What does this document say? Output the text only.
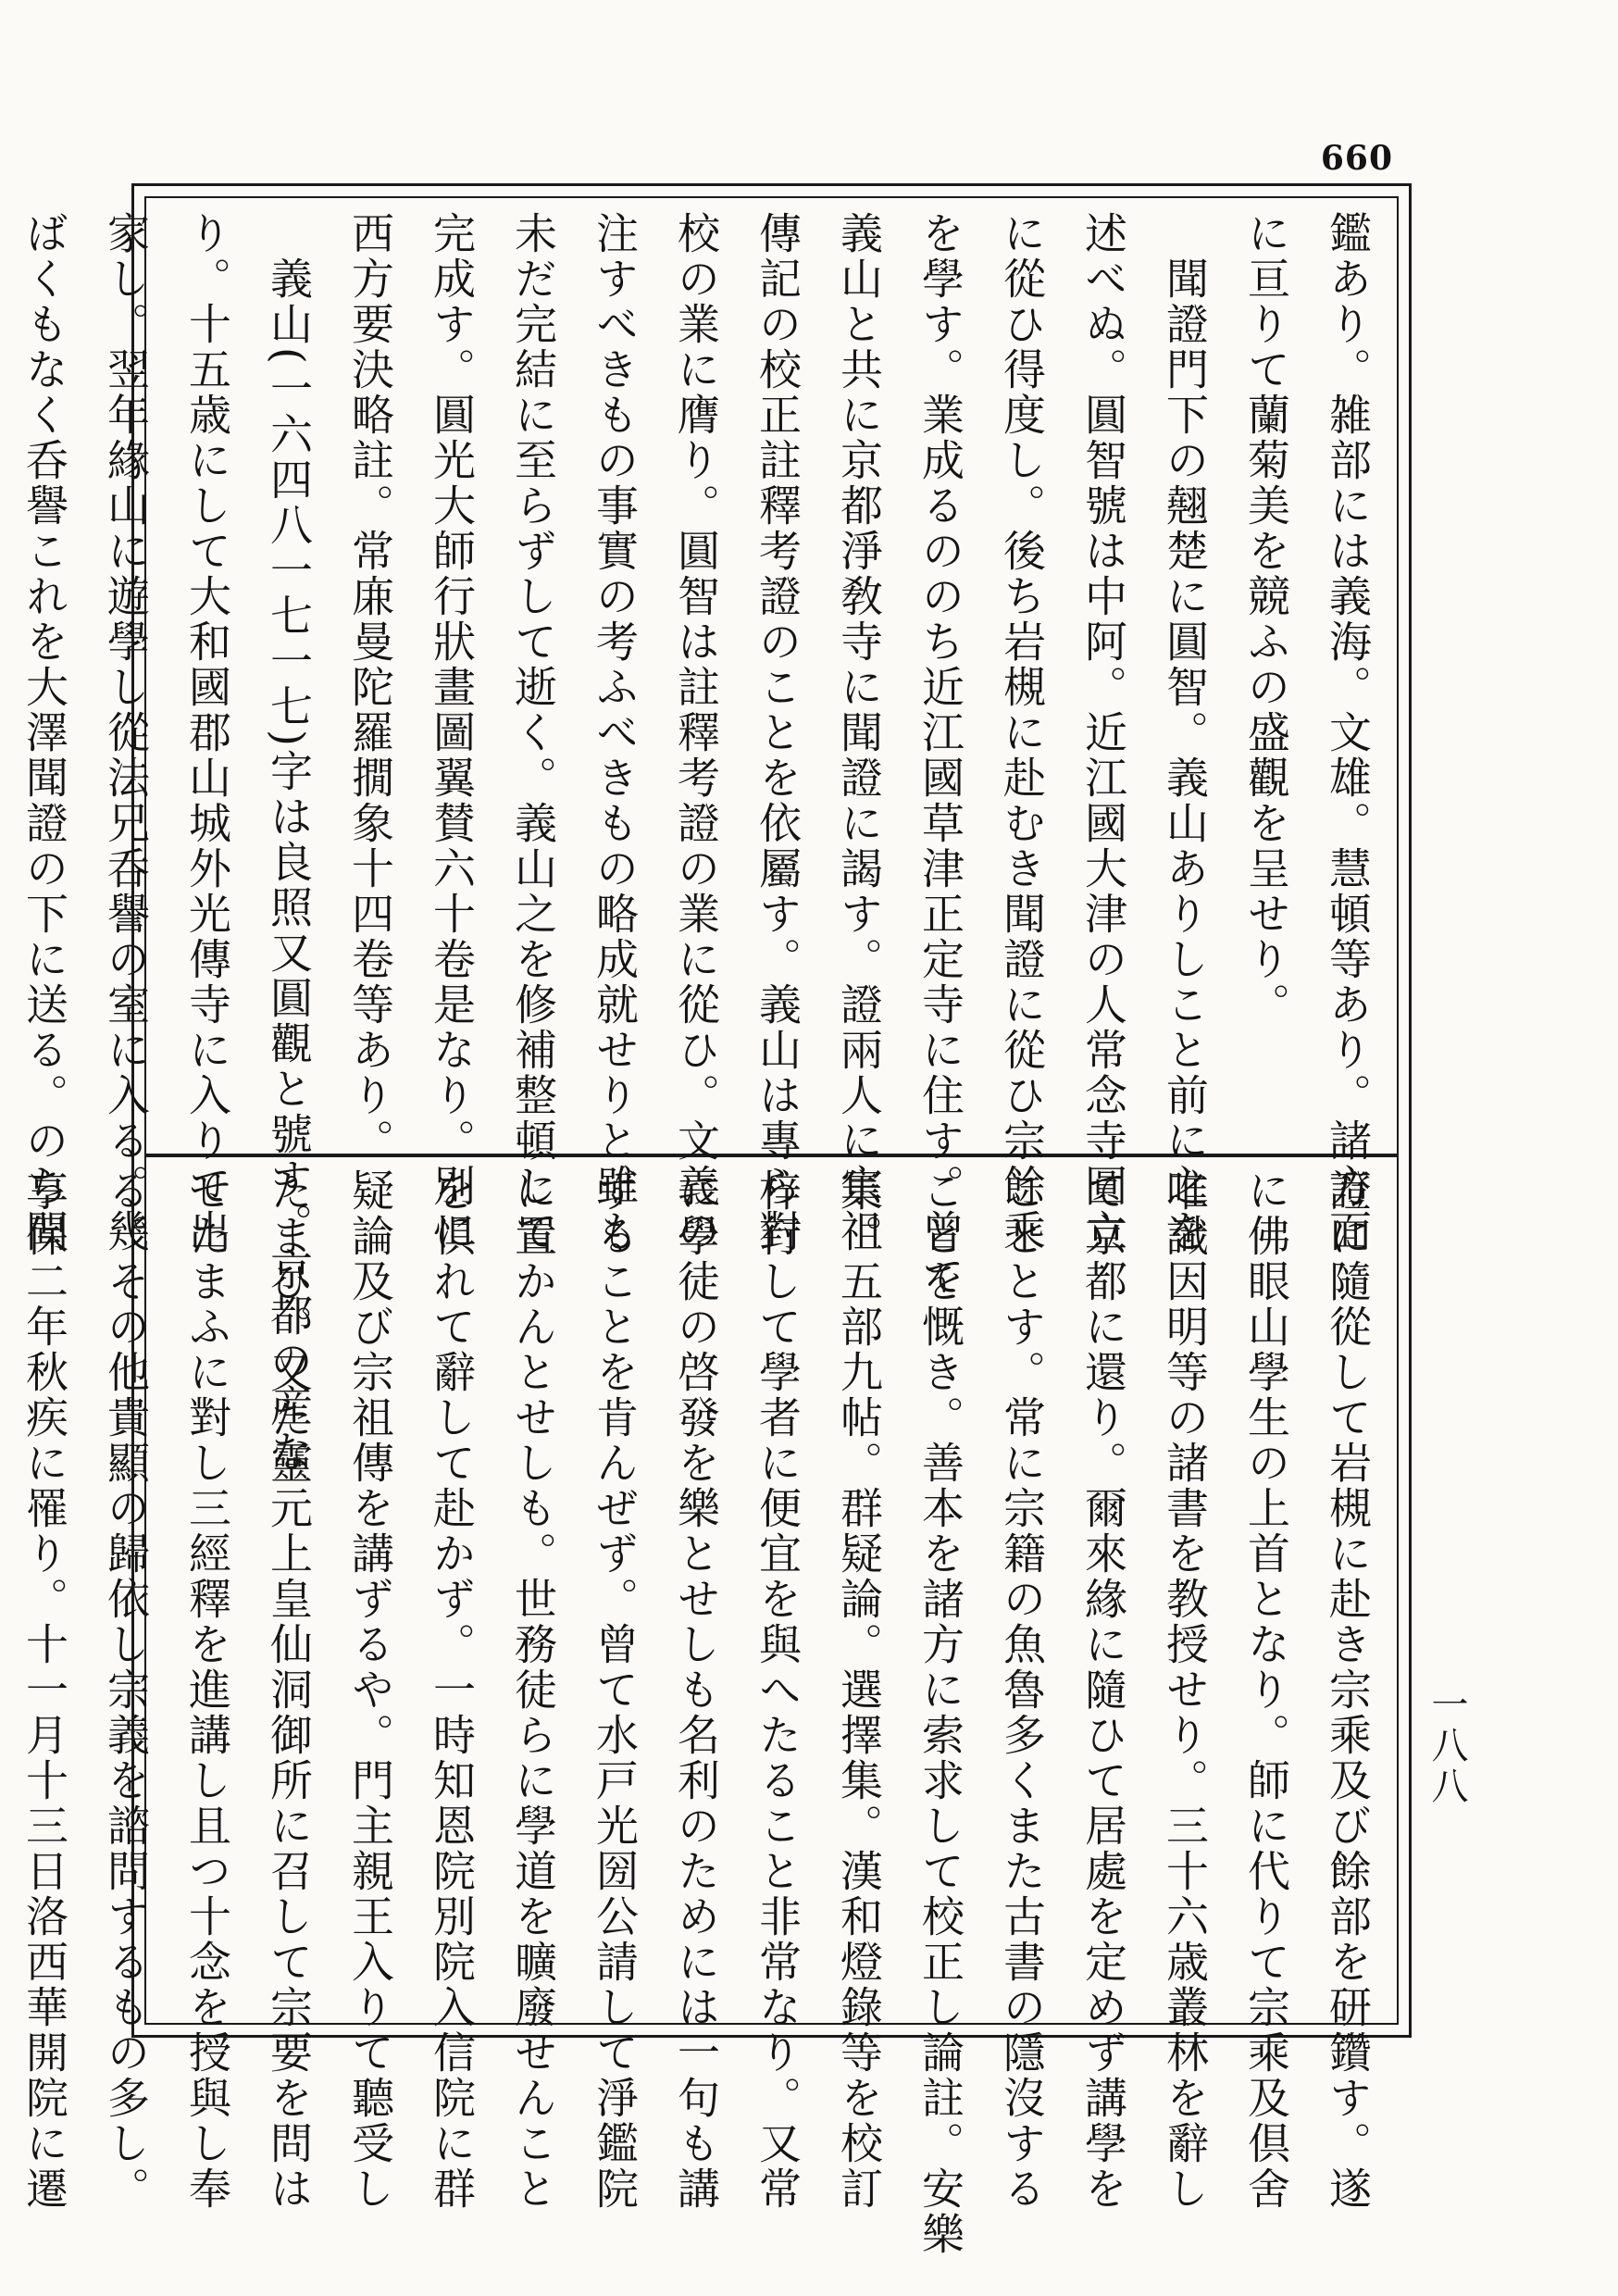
660
鑑あり。雑部には義海。文雄。慧頓等あり。諸方面
に亘りて蘭菊美を競ふの盛觀を呈せり。
　聞證門下の翹楚に圓智。義山ありしこと前に之を
述べぬ。圓智號は中阿。近江國大津の人常念寺圓立
に從ひ得度し。後ち岩槻に赴むき聞證に從ひ宗餘乘
を學す。業成るののち近江國草津正定寺に住す。曾て
義山と共に京都淨敎寺に聞證に謁す。證兩人に宗祖
傳記の校正註釋考證のことを依屬す。義山は專ら對
校の業に膺り。圓智は註釋考證の業に從ひ。文義の
注すべきもの事實の考ふべきもの略成就せりと雖も
未だ完結に至らずして逝く。義山之を修補整頓して
完成す。圓光大師行狀畫圖翼賛六十卷是なり。別に
西方要決略註。常𢈘曼陀羅撊象十四卷等あり。
　義山(一六四八一七一七)字は良照又圓觀と號す。京都の産な
り。十五歳にして大和國郡山城外光傳寺に入りて出
家し。翌年緣山に遊學し從法兄呑譽の室に入る。幾
ばくもなく呑譽これを大澤聞證の下に送る。のち聞
證に隨從して岩槻に赴き宗乘及び餘部を研鑽す。遂
に佛眼山學生の上首となり。師に代りて宗乘及倶舍
唯識因明等の諸書を教授せり。三十六歳叢林を辭し
て京都に還り。爾來緣に隨ひて居處を定めず講學を
こととす。常に宗籍の魚魯多くまた古書の隱沒する
ことを慨き。善本を諸方に索求して校正し論註。安樂
集。五部九帖。群疑論。選擇集。漢和燈錄等を校訂
梓行して學者に便宜を與へたること非常なり。又常
に學徒の啓發を樂とせしも名利のためには一句も講
ずることを肯んぜず。曾て水戸光圀公請して淨鑑院
に置かんとせしも。世務徒らに學道を曠廢せんこと
を惧れて辭して赴かず。一時知恩院別院入信院に群
疑論及び宗祖傳を講ずるや。門主親王入りて聽受し
たまひ。又た靈元上皇仙洞御所に召して宗要を問は
せたまふに對し三經釋を進講し且つ十念を授與し奉
る。その他貴顯の歸依し宗義を諮問するもの多し。
享保二年秋疾に罹り。十一月十三日洛西華開院に遷	一八八
